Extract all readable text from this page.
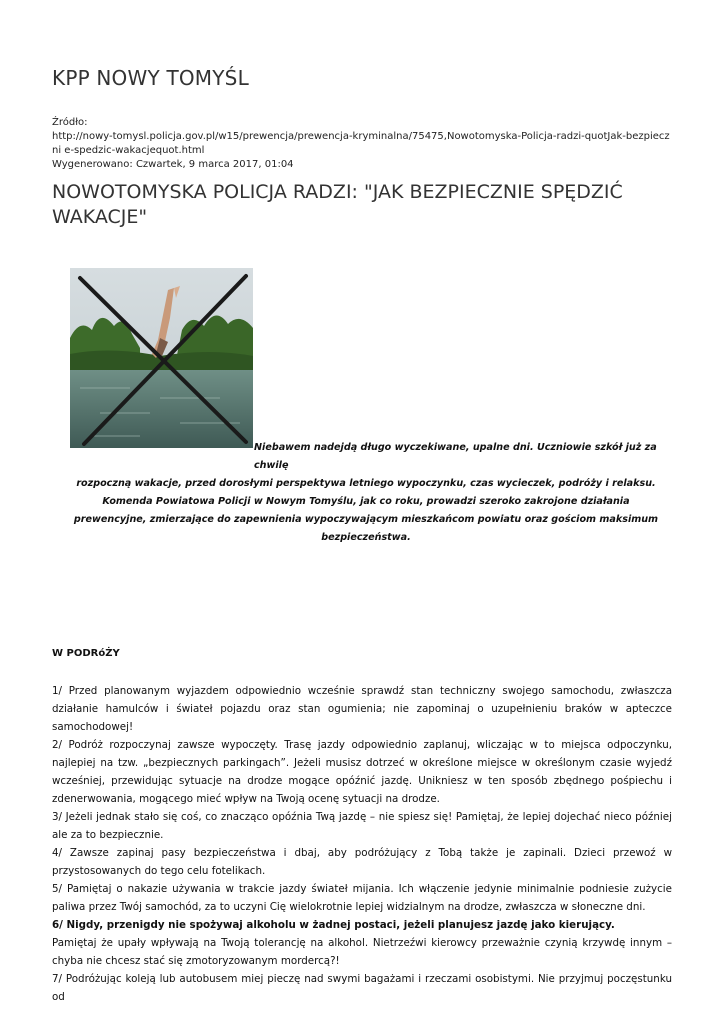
KPP NOWY TOMYŚL
Źródło:
http://nowy-tomysl.policja.gov.pl/w15/prewencja/prewencja-kryminalna/75475,Nowotomyska-Policja-radzi-quotJak-bezpieczni e-spedzic-wakacjequot.html
Wygenerowano: Czwartek, 9 marca 2017, 01:04
NOWOTOMYSKA POLICJA RADZI: "JAK BEZPIECZNIE SPĘDZIĆ WAKACJE"
Niebawem nadejdą długo wyczekiwane, upalne dni. Uczniowie szkół już za chwilę
rozpoczną wakacje, przed dorosłymi perspektywa letniego wypoczynku, czas wycieczek, podróży i relaksu. Komenda Powiatowa Policji w Nowym Tomyślu, jak co roku, prowadzi szeroko zakrojone działania prewencyjne, zmierzające do zapewnienia wypoczywającym mieszkańcom powiatu oraz gościom maksimum bezpieczeństwa.
W PODRóŻY

1/ Przed planowanym wyjazdem odpowiednio wcześnie sprawdź stan techniczny swojego samochodu, zwłaszcza działanie hamulców i świateł pojazdu oraz stan ogumienia; nie zapominaj o uzupełnieniu braków w apteczce samochodowej!

2/ Podróż rozpoczynaj zawsze wypoczęty. Trasę jazdy odpowiednio zaplanuj, wliczając w to miejsca odpoczynku, najlepiej na tzw. „bezpiecznych parkingach”. Jeżeli musisz dotrzeć w określone miejsce w określonym czasie wyjedź wcześniej, przewidując sytuacje na drodze mogące opóźnić jazdę. Unikniesz w ten sposób zbędnego pośpiechu i zdenerwowania, mogącego mieć wpływ na Twoją ocenę sytuacji na drodze.

3/ Jeżeli jednak stało się coś, co znacząco opóźnia Twą jazdę – nie spiesz się! Pamiętaj, że lepiej dojechać nieco później ale za to bezpiecznie.

4/ Zawsze zapinaj pasy bezpieczeństwa i dbaj, aby podróżujący z Tobą także je zapinali. Dzieci przewoź w przystosowanych do tego celu fotelikach.

5/ Pamiętaj o nakazie używania w trakcie jazdy świateł mijania. Ich włączenie jedynie minimalnie podniesie zużycie paliwa przez Twój samochód, za to uczyni Cię wielokrotnie lepiej widzialnym na drodze, zwłaszcza w słoneczne dni.

6/ Nigdy, przenigdy nie spożywaj alkoholu w żadnej postaci, jeżeli planujesz jazdę jako kierujący.

Pamiętaj że upały wpływają na Twoją tolerancję na alkohol. Nietrzeźwi kierowcy przeważnie czynią krzywdę innym – chyba nie chcesz stać się zmotoryzowanym mordercą?!

7/ Podróżując koleją lub autobusem miej pieczę nad swymi bagażami i rzeczami osobistymi. Nie przyjmuj poczęstunku od
